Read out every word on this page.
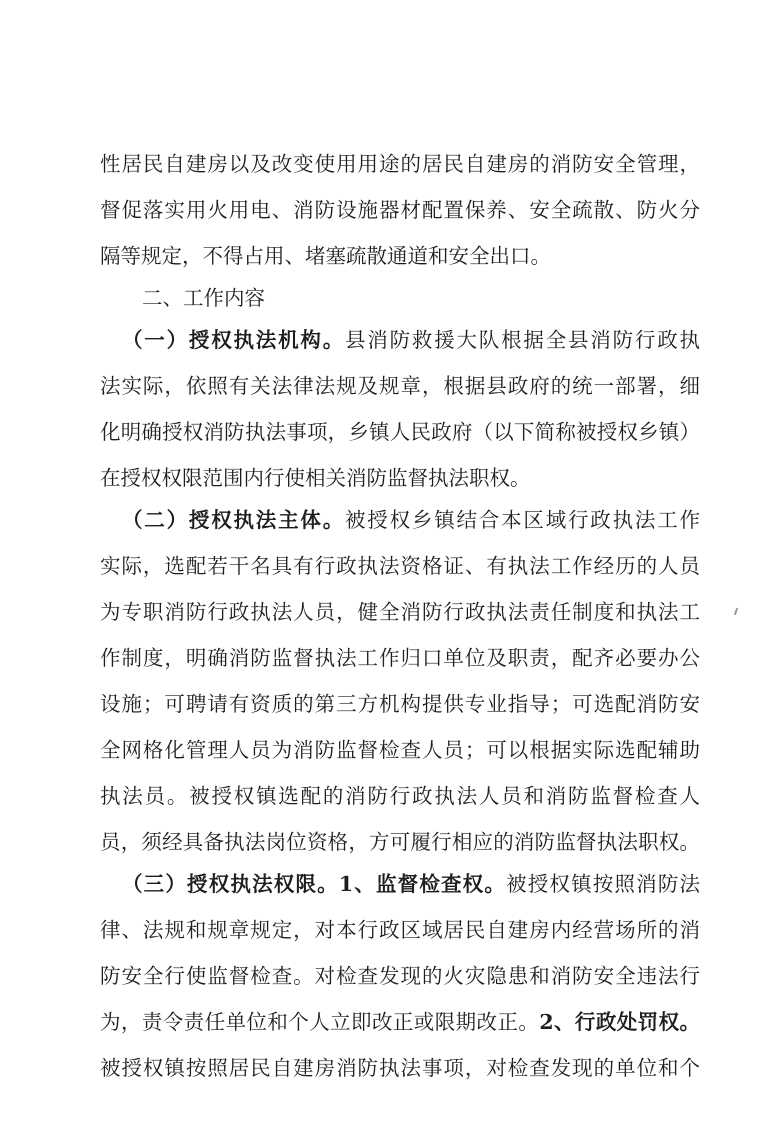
性居民自建房以及改变使用用途的居民自建房的消防安全管理，
督促落实用火用电、消防设施器材配置保养、安全疏散、防火分
隔等规定，不得占用、堵塞疏散通道和安全出口。
二、工作内容
（一）授权执法机构。县消防救援大队根据全县消防行政执
法实际，依照有关法律法规及规章，根据县政府的统一部署，细
化明确授权消防执法事项，乡镇人民政府（以下简称被授权乡镇）
在授权权限范围内行使相关消防监督执法职权。
（二）授权执法主体。被授权乡镇结合本区域行政执法工作
实际，选配若干名具有行政执法资格证、有执法工作经历的人员
为专职消防行政执法人员，健全消防行政执法责任制度和执法工
作制度，明确消防监督执法工作归口单位及职责，配齐必要办公
设施；可聘请有资质的第三方机构提供专业指导；可选配消防安
全网格化管理人员为消防监督检查人员；可以根据实际选配辅助
执法员。被授权镇选配的消防行政执法人员和消防监督检查人
员，须经具备执法岗位资格，方可履行相应的消防监督执法职权。
（三）授权执法权限。1、监督检查权。被授权镇按照消防法
律、法规和规章规定，对本行政区域居民自建房内经营场所的消
防安全行使监督检查。对检查发现的火灾隐患和消防安全违法行
为，责令责任单位和个人立即改正或限期改正。2、行政处罚权。
被授权镇按照居民自建房消防执法事项，对检查发现的单位和个
